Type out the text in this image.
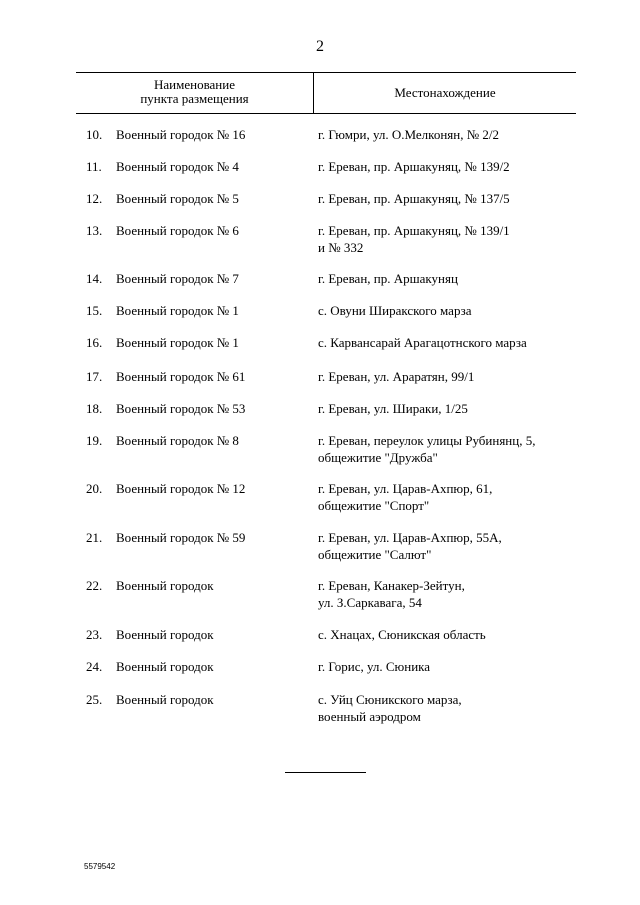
2
Наименование
пункта размещения	Местонахождение
10. Военный городок № 16	г. Гюмри, ул. О.Мелконян, № 2/2
11. Военный городок № 4	г. Ереван, пр. Аршакуняц, № 139/2
12. Военный городок № 5	г. Ереван, пр. Аршакуняц, № 137/5
13. Военный городок № 6	г. Ереван, пр. Аршакуняц, № 139/1
и № 332
14. Военный городок № 7	г. Ереван, пр. Аршакуняц
15. Военный городок № 1	с. Овуни Ширакского марза
16. Военный городок № 1	с. Карвансарай Арагацотнского марза
17. Военный городок № 61	г. Ереван, ул. Араратян, 99/1
18. Военный городок № 53	г. Ереван, ул. Шираки, 1/25
19. Военный городок № 8	г. Ереван, переулок улицы Рубинянц, 5,
общежитие "Дружба"
20. Военный городок № 12	г. Ереван, ул. Царав-Ахпюр, 61,
общежитие "Спорт"
21. Военный городок № 59	г. Ереван, ул. Царав-Ахпюр, 55А,
общежитие "Салют"
22. Военный городок	г. Ереван, Канакер-Зейтун,
ул. З.Саркавага, 54
23. Военный городок	с. Хнацах, Сюникская область
24. Военный городок	г. Горис, ул. Сюника
25. Военный городок	с. Уйц Сюникского марза,
военный аэродром
5579542
